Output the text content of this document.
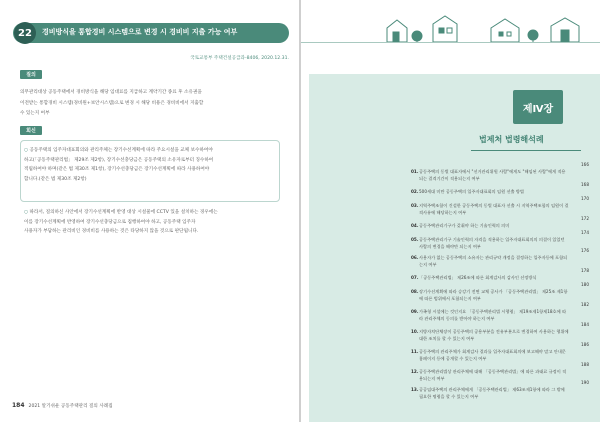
22	경비방식을 통합경비 시스템으로 변경 시 경비비 지출 가능 여부
국토교통부 주택건설공급과-8406, 2020.12.31.
질의
의무관리대상 공동주택에서 경비방식을 해당 임대료를 지급하고 계약기간 종료 후 소유권을
이전받는 통합경비 시스템(경비원+보안시스템)으로 변경 시 해당 비용은 경비비에서 지출할
수 있는지 여부
회신
○ 공동주택의 입주자대표회의와 관리주체는 장기수선계획에 따라 주요시설을 교체 보수하여야
하고(「공동주택관리법」 제29조 제2항), 장기수선충당금은 공동주택의 소유자로부터 징수하여
적립하여야 하며(같은 법 제30조 제1항), 장기수선충당금은 장기수선계획에 따라 사용하여야
합니다.(같은 법 제30조 제2항)
○ 따라서, 질의하신 사안에서 장기수선계획에 반영 대상 시설물에 CCTV 있을 설치하는 경우에는
이를 장기수선계획에 반영하여 장기수선충당금으로 집행하여야 하고, 공동주택 입주자
사용자가 부담하는 관리비인 경비비를 사용하는 것은 타당하지 않을 것으로 판단됩니다.
184 2021 알기쉬운 공동주택관리 질의 사례집
제Ⅳ장
법제처 법령해석례
01. 공동주택의 동별 대표자에서 "선거관리위원 사람"에게도 "해임된 사람"에게 적용되는 결격기간이 적용되는지 여부
166
02. 500세대 미만 공동주택의 입주자대표회의 임원 선출 방법
168
03. 지역주택조합이 건설한 공동주택의 동별 대표자 선출 시 지역주택조합의 임원이 결격사유에 해당하는지 여부
170
04. 공동주택관리기구가 갖춰야 하는 기술인력의 의미
172
05. 공동주택관리기구 기술인력의 자격을 적용하는 입주자대표회의의 의결이 있었던 사람의 변경을 해야만 되는지 여부
174
06. 사용자가 없는 공동주택의 소유자는 관리규약 개정을 결정하는 입주자등에 포함되는지 여부
176
07. 「공동주택관리법」 제26조에 따른 회계감사의 감사인 선정방식
178
08. 장기수선계획에 따라 승강기 전면 교체 공사가 「공동주택관리법」 제25조 제1항에 따른 범위에서 포함되는지 여부
180
09. 가족형 시설에는 것인지요 「공동주택관리법 시행령」 제19조제1항제18호에 따라 관리주체의 동의를 받아야 하는지 여부
182
10. 지방자치단체장이 공동주택의 공용부분을 전유부분으로 변경하여 사용하는 행위에 대한 조치를 할 수 있는지 여부
184
11. 공동주택의 관리주체가 회계감사 결과를 입주자대표회의에 보고해야 말고 안내문 홈페이지 등에 공개할 수 있는지 여부
186
12. 공동주택관리법상 관리주체에 대해 「공동주택관리법」에 따른 과태료 규정이 적용되는지 여부
188
13. 공공임대주택의 관리주체에게 「공동주택관리법」 제63조제1항에 따라 그 밖에 필요한 명령을 할 수 있는지 여부
190
